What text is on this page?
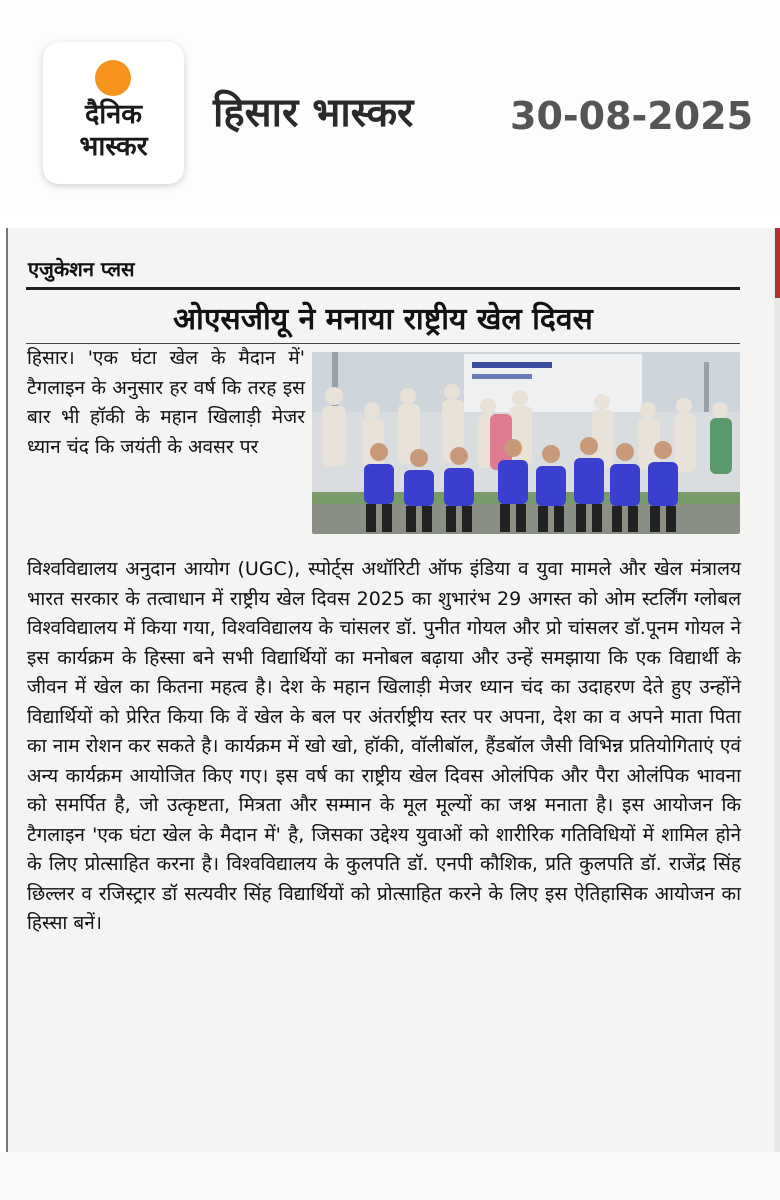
दैनिक
भास्कर
हिसार भास्कर	30-08-2025
एजुकेशन प्लस
ओएसजीयू ने मनाया राष्ट्रीय खेल दिवस
हिसार। 'एक घंटा खेल के मैदान में' टैगलाइन के अनुसार हर वर्ष कि तरह इस बार भी हॉकी के महान खिलाड़ी मेजर ध्यान चंद कि जयंती के अवसर पर
विश्वविद्यालय अनुदान आयोग (UGC), स्पोर्ट्स अथॉरिटी ऑफ इंडिया व युवा मामले और खेल मंत्रालय भारत सरकार के तत्वाधान में राष्ट्रीय खेल दिवस 2025 का शुभारंभ 29 अगस्त को ओम स्टर्लिंग ग्लोबल विश्वविद्यालय में किया गया, विश्वविद्यालय के चांसलर डॉ. पुनीत गोयल और प्रो चांसलर डॉ.पूनम गोयल ने इस कार्यक्रम के हिस्सा बने सभी विद्यार्थियों का मनोबल बढ़ाया और उन्हें समझाया कि एक विद्यार्थी के जीवन में खेल का कितना महत्व है। देश के महान खिलाड़ी मेजर ध्यान चंद का उदाहरण देते हुए उन्होंने विद्यार्थियों को प्रेरित किया कि वें खेल के बल पर अंतर्राष्ट्रीय स्तर पर अपना, देश का व अपने माता पिता का नाम रोशन कर सकते है। कार्यक्रम में खो खो, हॉकी, वॉलीबॉल, हैंडबॉल जैसी विभिन्न प्रतियोगिताएं एवं अन्य कार्यक्रम आयोजित किए गए। इस वर्ष का राष्ट्रीय खेल दिवस ओलंपिक और पैरा ओलंपिक भावना को समर्पित है, जो उत्कृष्टता, मित्रता और सम्मान के मूल मूल्यों का जश्न मनाता है। इस आयोजन कि टैगलाइन 'एक घंटा खेल के मैदान में' है, जिसका उद्देश्य युवाओं को शारीरिक गतिविधियों में शामिल होने के लिए प्रोत्साहित करना है। विश्वविद्यालय के कुलपति डॉ. एनपी कौशिक, प्रति कुलपति डॉ. राजेंद्र सिंह छिल्लर व रजिस्ट्रार डॉ सत्यवीर सिंह विद्यार्थियों को प्रोत्साहित करने के लिए इस ऐतिहासिक आयोजन का हिस्सा बनें।
